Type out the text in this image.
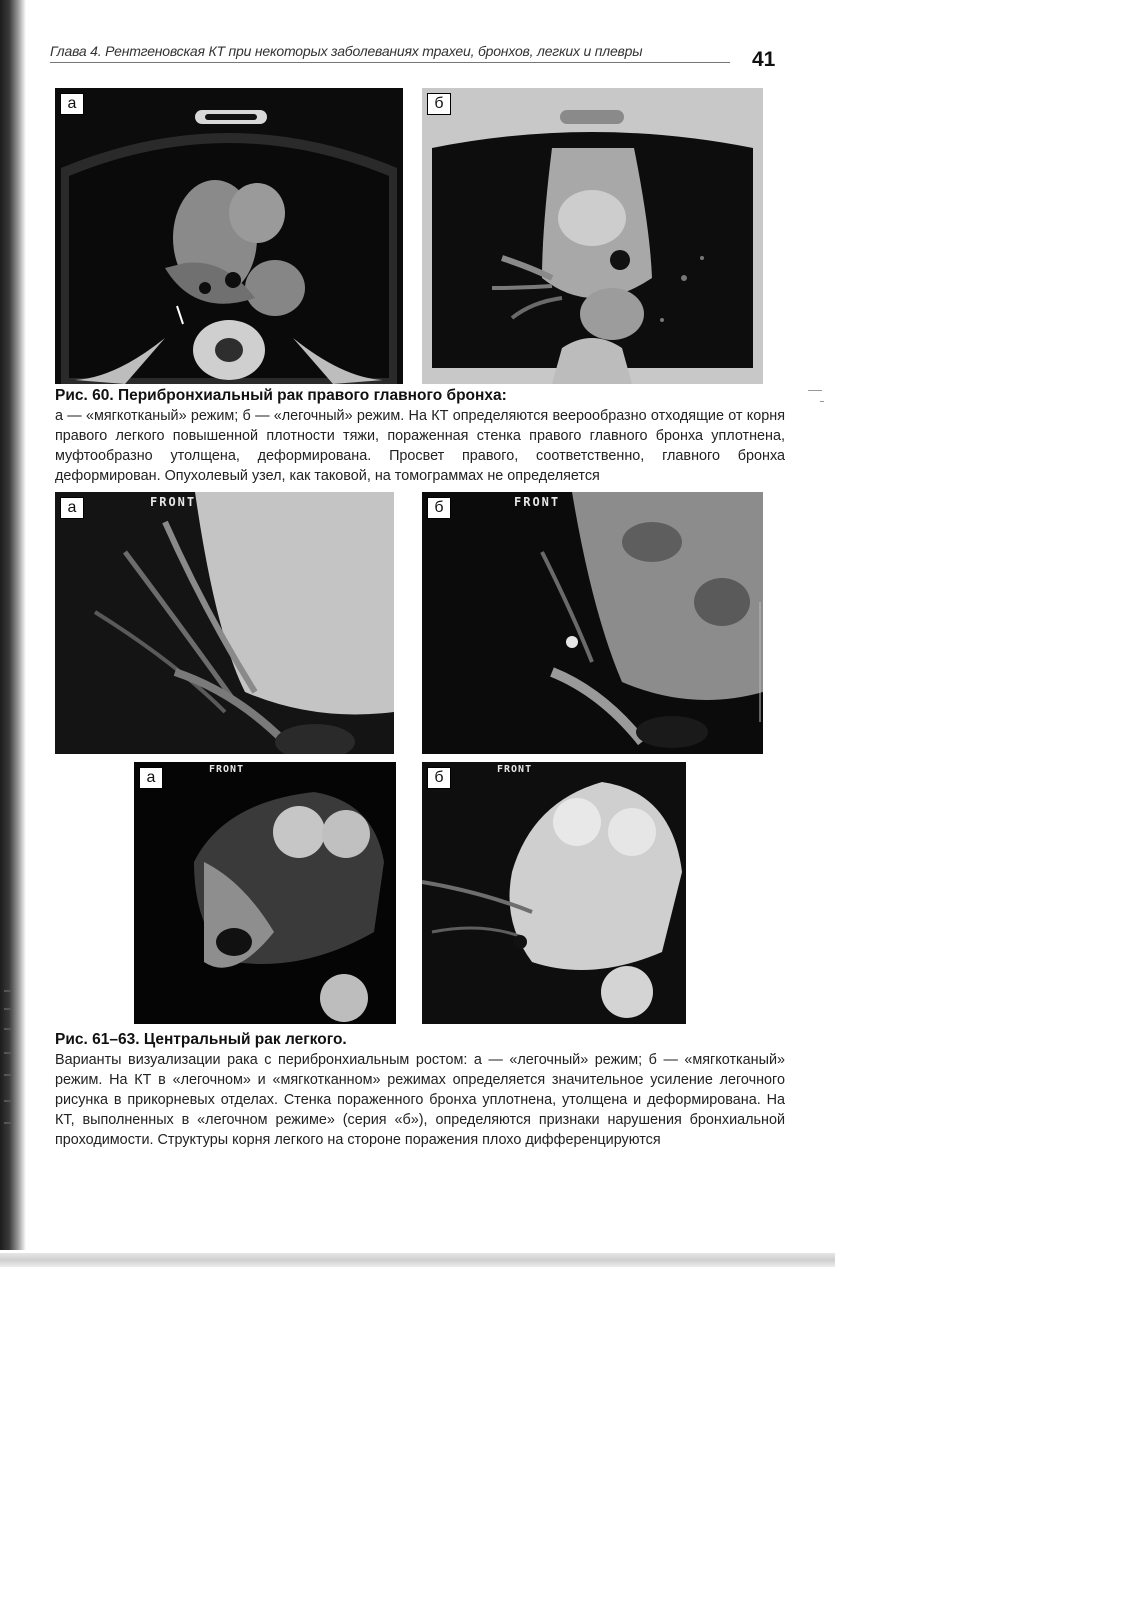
Глава 4. Рентгеновская КТ при некоторых заболеваниях трахеи, бронхов, легких и плевры	41
а	б
Рис. 60. Перибронхиальный рак правого главного бронха:
а — «мягкотканый» режим; б — «легочный» режим. На КТ определяются веерообразно отходящие от корня правого легкого повышенной плотности тяжи, пораженная стенка правого главного бронха уплотнена, муфтообразно утолщена, деформирована. Просвет правого, соответственно, главного бронха деформирован. Опухолевый узел, как таковой, на томограммах не определяется
а	FRONT	б	FRONT
а	FRONT	б	FRONT
Рис. 61–63. Центральный рак легкого.
Варианты визуализации рака с перибронхиальным ростом: а — «легочный» режим; б — «мягкотканый» режим. На КТ в «легочном» и «мягкотканном» режимах определяется значительное усиление легочного рисунка в прикорневых отделах. Стенка пораженного бронха уплотнена, утолщена и деформирована. На КТ, выполненных в «легочном режиме» (серия «б»), определяются признаки нарушения бронхиальной проходимости. Структуры корня легкого на стороне поражения плохо дифференцируются
